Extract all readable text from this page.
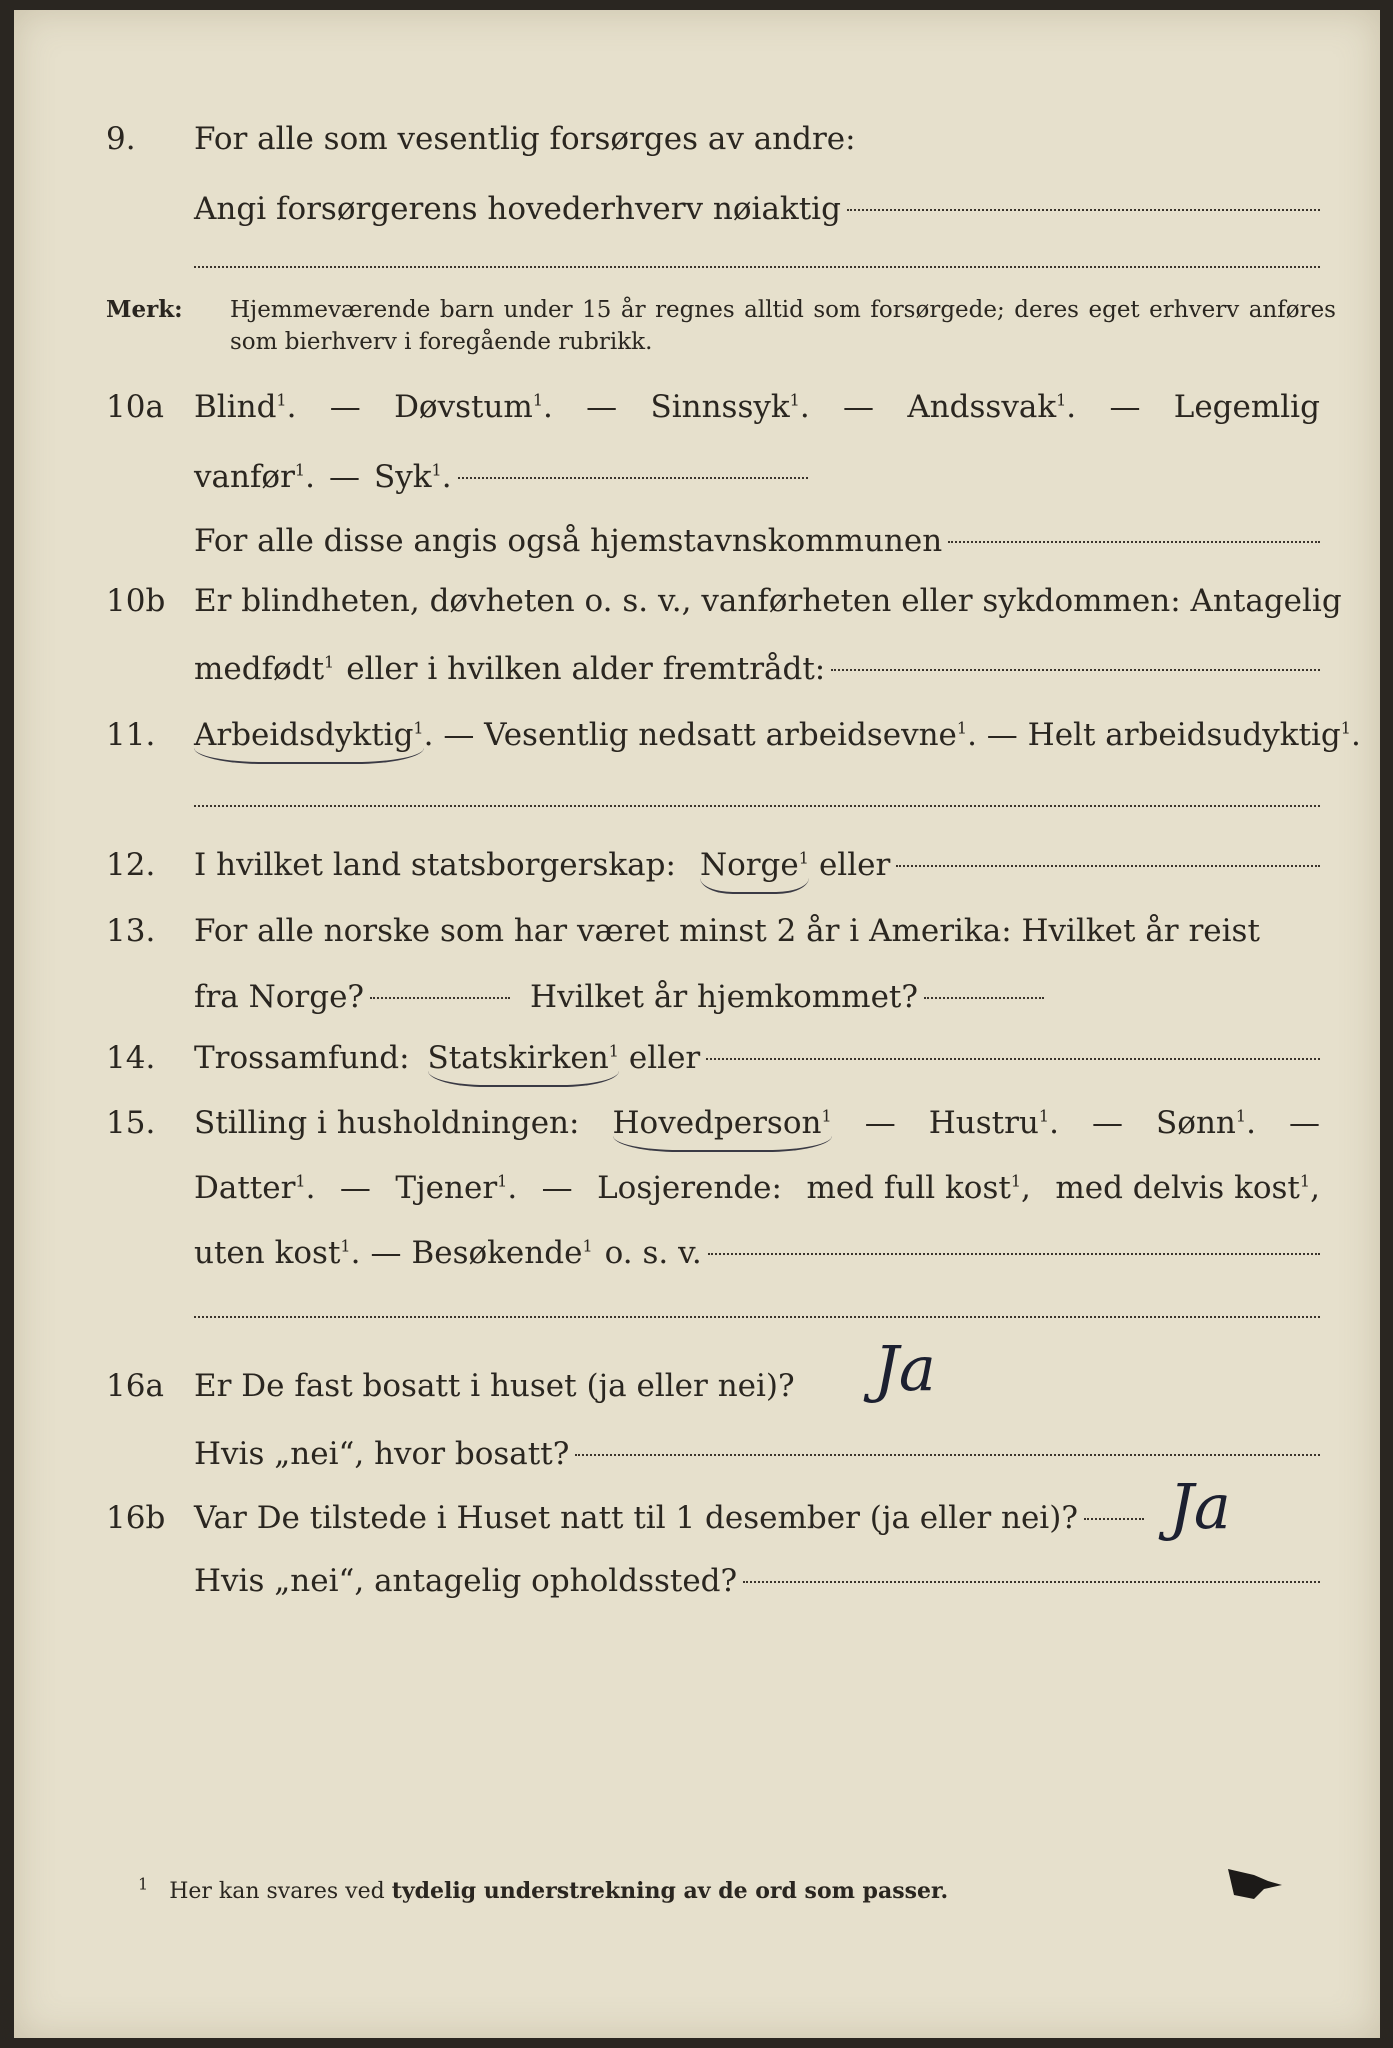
9.	For alle som vesentlig forsørges av andre:
Angi forsørgerens hovederhverv nøiaktig
Merk: Hjemmeværende barn under 15 år regnes alltid som forsørgede; deres eget erhverv anføres som bierhverv i foregående rubrikk.
10a Blind$^1$. — Døvstum$^1$. — Sinnssyk$^1$. — Andssvak$^1$. — Legemlig
vanfør$^1$. — Syk$^1$.
For alle disse angis også hjemstavnskommunen
10b Er blindheten, døvheten o. s. v., vanførheten eller sykdommen: Antagelig
medfødt$^1$ eller i hvilken alder fremtrådt:
11.	Arbeidsdyktig$^1$ . — Vesentlig nedsatt arbeidsevne$^1$ . — Helt arbeidsudyktig$^1$.
12.	I hvilket land statsborgerskap: Norge$^1$ eller
13.	For alle norske som har været minst 2 år i Amerika: Hvilket år reist
fra Norge?	Hvilket år hjemkommet?
14.	Trossamfund: Statskirken$^1$ eller
15.	Stilling i husholdningen: Hovedperson$^1$ — Hustru$^1$. — Sønn$^1$. —
Datter$^1$. — Tjener$^1$. — Losjerende: med full kost$^1$, med delvis kost$^1$,
uten kost$^1$. — Besøkende$^1$ o. s. v.
16a Er De fast bosatt i huset (ja eller nei)?	Ja
Hvis „nei“, hvor bosatt?
16b Var De tilstede i Huset natt til 1 desember (ja eller nei)? Ja
Hvis „nei“, antagelig opholdssted?
$^1$ Her kan svares ved tydelig understrekning av de ord som passer.
